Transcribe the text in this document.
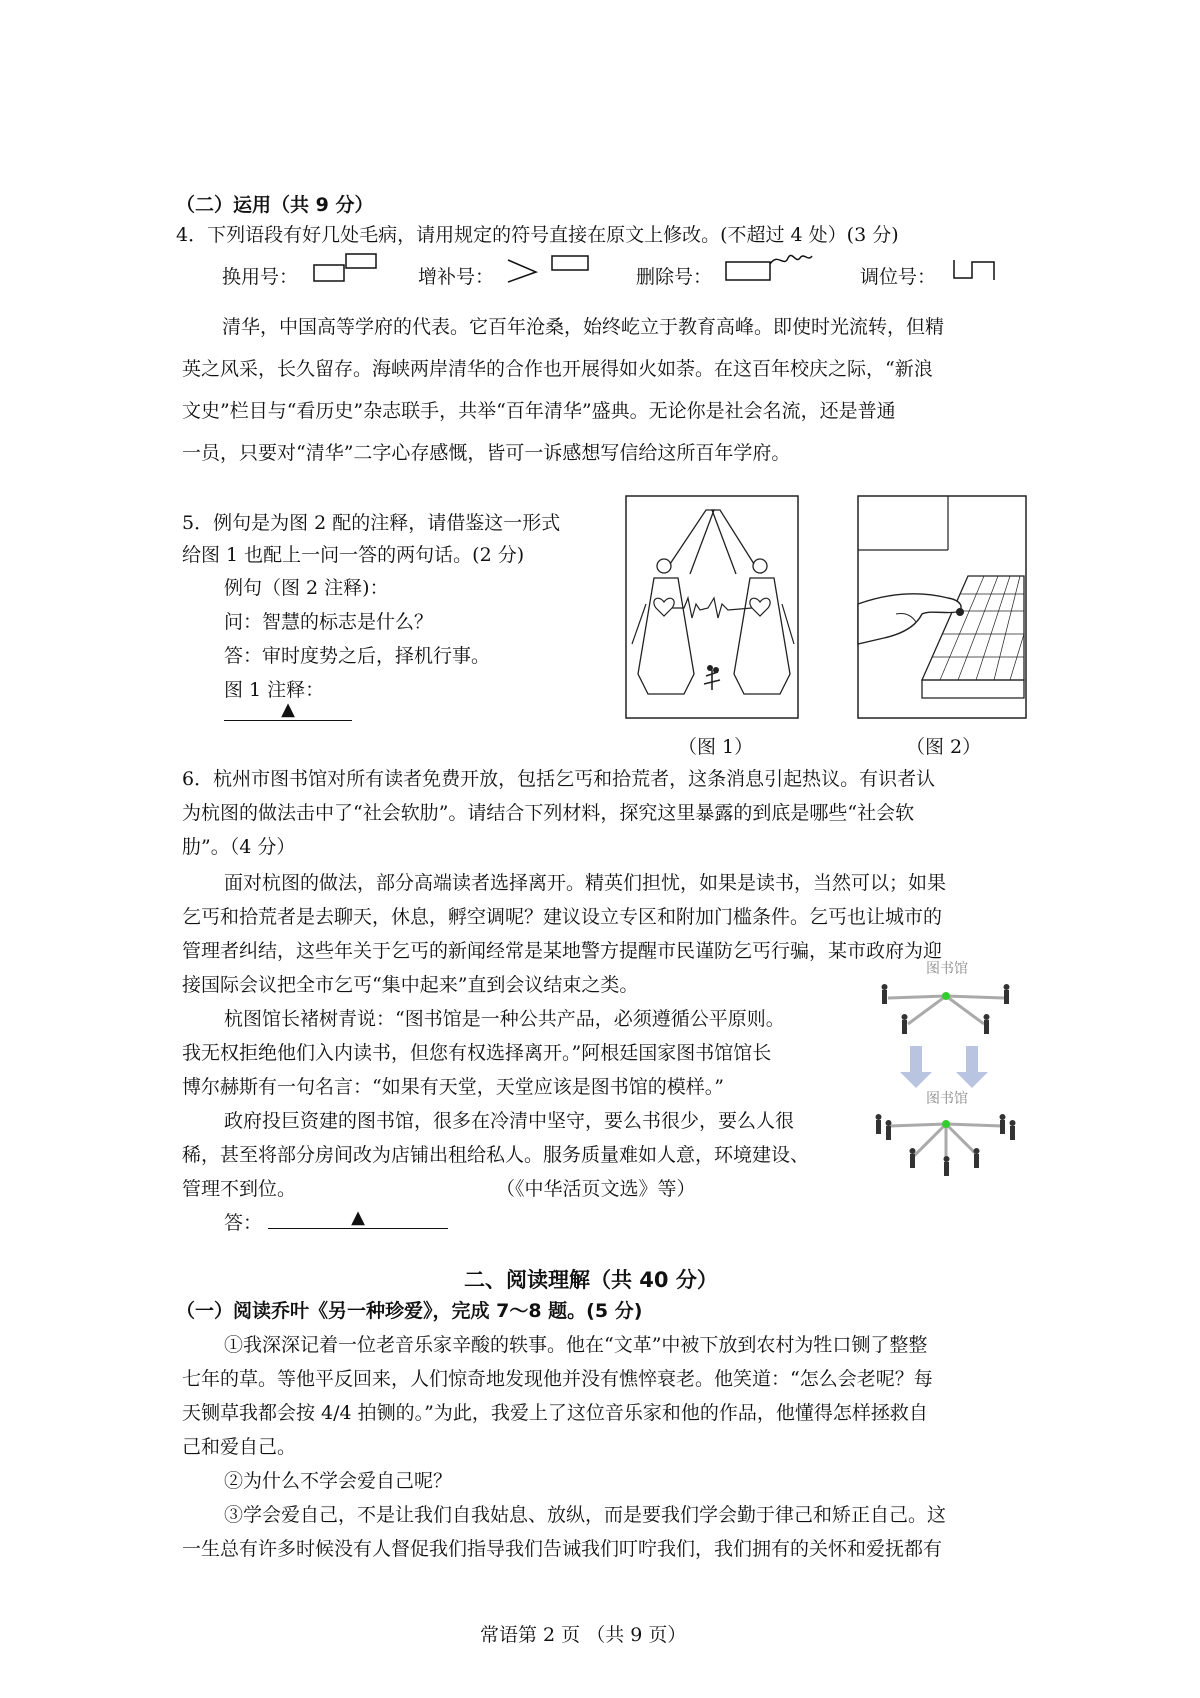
（二）运用（共 9 分）
4．下列语段有好几处毛病，请用规定的符号直接在原文上修改。(不超过 4 处）(3 分)
换用号：	增补号：	删除号：	调位号：
清华，中国高等学府的代表。它百年沧桑，始终屹立于教育高峰。即使时光流转，但精
英之风采，长久留存。海峡两岸清华的合作也开展得如火如荼。在这百年校庆之际，“新浪
文史”栏目与“看历史”杂志联手，共举“百年清华”盛典。无论你是社会名流，还是普通
一员，只要对“清华”二字心存感慨，皆可一诉感想写信给这所百年学府。
5．例句是为图 2 配的注释，请借鉴这一形式
给图 1 也配上一问一答的两句话。(2 分)
例句（图 2 注释)：
问：智慧的标志是什么？
答：审时度势之后，择机行事。
图 1 注释：
▲
（图 1）	（图 2）
6．杭州市图书馆对所有读者免费开放，包括乞丐和拾荒者，这条消息引起热议。有识者认
为杭图的做法击中了“社会软肋”。请结合下列材料，探究这里暴露的到底是哪些“社会软
肋”。（4 分）
面对杭图的做法，部分高端读者选择离开。精英们担忧，如果是读书，当然可以；如果
乞丐和拾荒者是去聊天，休息，孵空调呢？建议设立专区和附加门槛条件。乞丐也让城市的
管理者纠结，这些年关于乞丐的新闻经常是某地警方提醒市民谨防乞丐行骗，某市政府为迎
接国际会议把全市乞丐“集中起来”直到会议结束之类。
杭图馆长褚树青说：“图书馆是一种公共产品，必须遵循公平原则。
我无权拒绝他们入内读书，但您有权选择离开。”阿根廷国家图书馆馆长
博尔赫斯有一句名言：“如果有天堂，天堂应该是图书馆的模样。”
政府投巨资建的图书馆，很多在冷清中坚守，要么书很少，要么人很
稀，甚至将部分房间改为店铺出租给私人。服务质量难如人意，环境建设、
管理不到位。	（《中华活页文选》等）
答：	▲
图书馆
图书馆
二、阅读理解（共 40 分）
（一）阅读乔叶《另一种珍爱》，完成 7～8 题。(5 分)
①我深深记着一位老音乐家辛酸的轶事。他在“文革”中被下放到农村为牲口铡了整整
七年的草。等他平反回来，人们惊奇地发现他并没有憔悴衰老。他笑道：“怎么会老呢？每
天铡草我都会按 4/4 拍铡的。”为此，我爱上了这位音乐家和他的作品，他懂得怎样拯救自
己和爱自己。
②为什么不学会爱自己呢？
③学会爱自己，不是让我们自我姑息、放纵，而是要我们学会勤于律己和矫正自己。这
一生总有许多时候没有人督促我们指导我们告诫我们叮咛我们，我们拥有的关怀和爱抚都有
常语第 2 页 （共 9 页）
